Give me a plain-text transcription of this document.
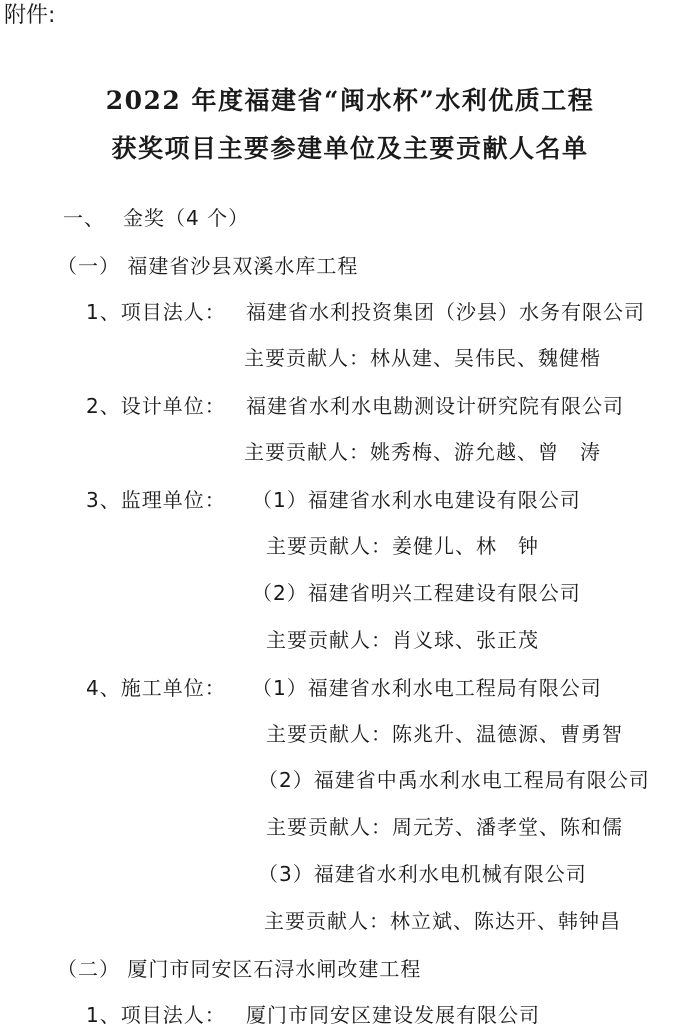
附件:
2022 年度福建省“闽水杯”水利优质工程
获奖项目主要参建单位及主要贡献人名单
一、 金奖（4 个）
（一） 福建省沙县双溪水库工程
1、项目法人： 福建省水利投资集团（沙县）水务有限公司
主要贡献人：林从建、吴伟民、魏健楷
2、设计单位： 福建省水利水电勘测设计研究院有限公司
主要贡献人：姚秀梅、游允越、曾　涛
3、监理单位： （1）福建省水利水电建设有限公司
主要贡献人：姜健儿、林　钟
（2）福建省明兴工程建设有限公司
主要贡献人：肖义球、张正茂
4、施工单位： （1）福建省水利水电工程局有限公司
主要贡献人：陈兆升、温德源、曹勇智
（2）福建省中禹水利水电工程局有限公司
主要贡献人：周元芳、潘孝堂、陈和儒
（3）福建省水利水电机械有限公司
主要贡献人：林立斌、陈达开、韩钟昌
（二） 厦门市同安区石浔水闸改建工程
1、项目法人： 厦门市同安区建设发展有限公司
